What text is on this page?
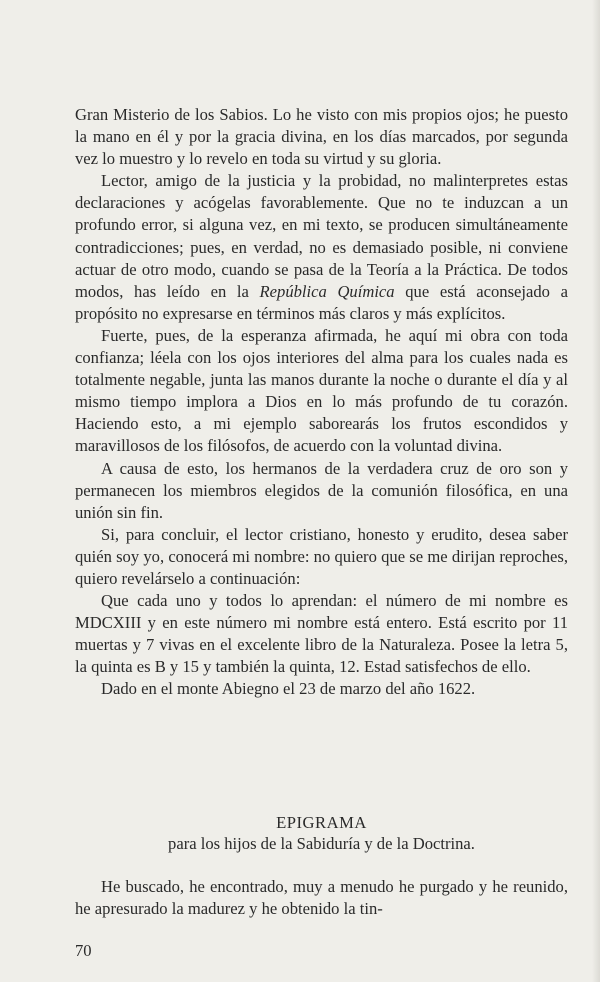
Gran Misterio de los Sabios. Lo he visto con mis propios ojos; he puesto la mano en él y por la gracia divina, en los días marcados, por segunda vez lo muestro y lo revelo en toda su virtud y su gloria.

Lector, amigo de la justicia y la probidad, no malinterpretes estas declaraciones y acógelas favorablemente. Que no te induzcan a un profundo error, si alguna vez, en mi texto, se producen simultáneamente contradicciones; pues, en verdad, no es demasiado posible, ni conviene actuar de otro modo, cuando se pasa de la Teoría a la Práctica. De todos modos, has leído en la República Química que está aconsejado a propósito no expresarse en términos más claros y más explícitos.

Fuerte, pues, de la esperanza afirmada, he aquí mi obra con toda confianza; léela con los ojos interiores del alma para los cuales nada es totalmente negable, junta las manos durante la noche o durante el día y al mismo tiempo implora a Dios en lo más profundo de tu corazón. Haciendo esto, a mi ejemplo saborearás los frutos escondidos y maravillosos de los filósofos, de acuerdo con la voluntad divina.

A causa de esto, los hermanos de la verdadera cruz de oro son y permanecen los miembros elegidos de la comunión filosófica, en una unión sin fin.

Si, para concluir, el lector cristiano, honesto y erudito, desea saber quién soy yo, conocerá mi nombre: no quiero que se me dirijan reproches, quiero revelárselo a continuación:

Que cada uno y todos lo aprendan: el número de mi nombre es MDCXIII y en este número mi nombre está entero. Está escrito por 11 muertas y 7 vivas en el excelente libro de la Naturaleza. Posee la letra 5, la quinta es B y 15 y también la quinta, 12. Estad satisfechos de ello.

Dado en el monte Abiegno el 23 de marzo del año 1622.

EPIGRAMA
para los hijos de la Sabiduría y de la Doctrina.
He buscado, he encontrado, muy a menudo he purgado y he reunido, he apresurado la madurez y he obtenido la tin-
70
